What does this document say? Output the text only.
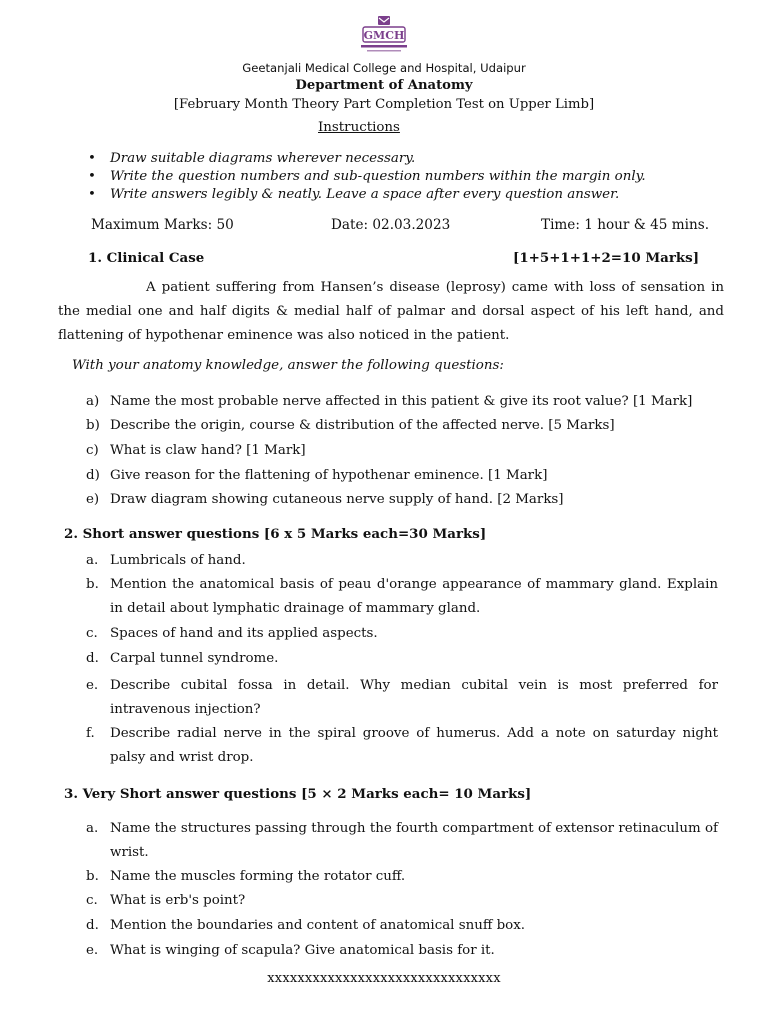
GMCH
Geetanjali Medical College and Hospital, Udaipur
Department of Anatomy
[February Month Theory Part Completion Test on Upper Limb]
Instructions
• Draw suitable diagrams wherever necessary.
• Write the question numbers and sub-question numbers within the margin only.
• Write answers legibly & neatly. Leave a space after every question answer.
Maximum Marks: 50	Date: 02.03.2023	Time: 1 hour & 45 mins.
1. Clinical Case	[1+5+1+1+2=10 Marks]
A patient suffering from Hansen’s disease (leprosy) came with loss of sensation in the medial one and half digits & medial half of palmar and dorsal aspect of his left hand, and flattening of hypothenar eminence was also noticed in the patient.
With your anatomy knowledge, answer the following questions:
a) Name the most probable nerve affected in this patient & give its root value? [1 Mark]
b) Describe the origin, course & distribution of the affected nerve. [5 Marks]
c) What is claw hand? [1 Mark]
d) Give reason for the flattening of hypothenar eminence. [1 Mark]
e) Draw diagram showing cutaneous nerve supply of hand. [2 Marks]
2. Short answer questions [6 x 5 Marks each=30 Marks]
a. Lumbricals of hand.
b. Mention the anatomical basis of peau d'orange appearance of mammary gland. Explain in detail about lymphatic drainage of mammary gland.
c. Spaces of hand and its applied aspects.
d. Carpal tunnel syndrome.
e. Describe cubital fossa in detail. Why median cubital vein is most preferred for intravenous injection?
f. Describe radial nerve in the spiral groove of humerus. Add a note on saturday night palsy and wrist drop.
3. Very Short answer questions [5 × 2 Marks each= 10 Marks]
a. Name the structures passing through the fourth compartment of extensor retinaculum of wrist.
b. Name the muscles forming the rotator cuff.
c. What is erb's point?
d. Mention the boundaries and content of anatomical snuff box.
e. What is winging of scapula? Give anatomical basis for it.
xxxxxxxxxxxxxxxxxxxxxxxxxxxxxxx
